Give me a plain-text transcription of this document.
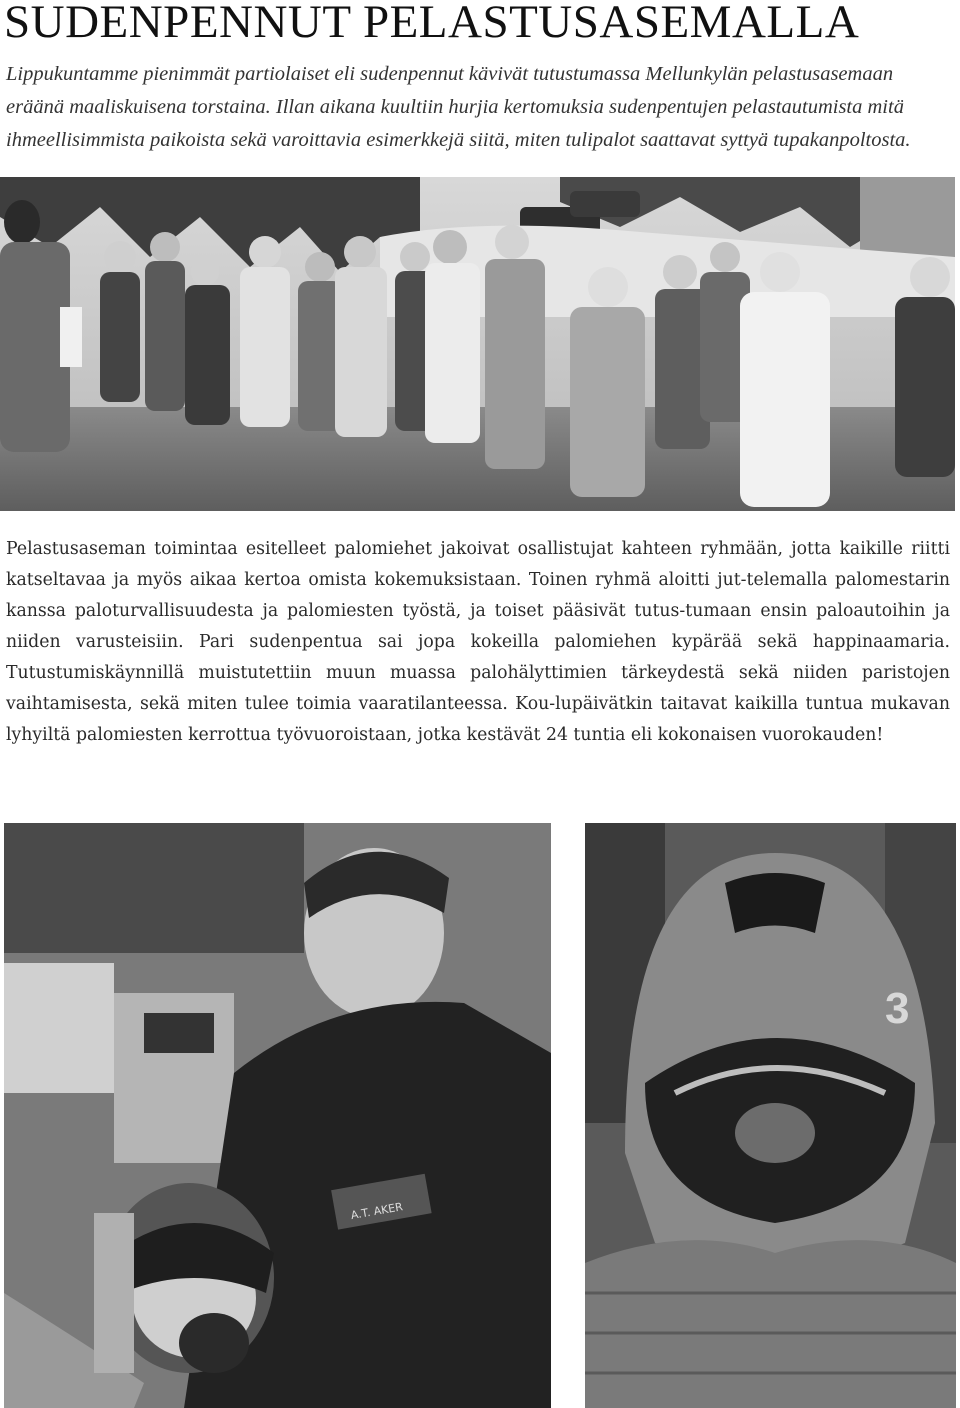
SUDENPENNUT PELASTUSASEMALLA
Lippukuntamme pienimmät partiolaiset eli sudenpennut kävivät tutustumassa Mellunkylän pelastusasemaan eräänä maaliskuisena torstaina. Illan aikana kuultiin hurjia kertomuksia sudenpentujen pelastautumista mitä ihmeellisimmista paikoista sekä varoittavia esimerkkejä siitä, miten tulipalot saattavat syttyä tupakanpoltosta.
Pelastusaseman toimintaa esitelleet palomiehet jakoivat osallistujat kahteen ryhmään, jotta kaikille riitti katseltavaa ja myös aikaa kertoa omista kokemuksistaan. Toinen ryhmä aloitti jut-telemalla palomestarin kanssa paloturvallisuudesta ja palomiesten työstä, ja toiset pääsivät tutus-tumaan ensin paloautoihin ja niiden varusteisiin. Pari sudenpentua sai jopa kokeilla palomiehen kypärää sekä happinaamaria. Tutustumiskäynnillä muistutettiin muun muassa palohälyttimien tärkeydestä sekä niiden paristojen vaihtamisesta, sekä miten tulee toimia vaaratilanteessa. Kou-lupäivätkin taitavat kaikilla tuntua mukavan lyhyiltä palomiesten kerrottua työvuoroistaan, jotka kestävät 24 tuntia eli kokonaisen vuorokauden!
A.T. AKER
3
